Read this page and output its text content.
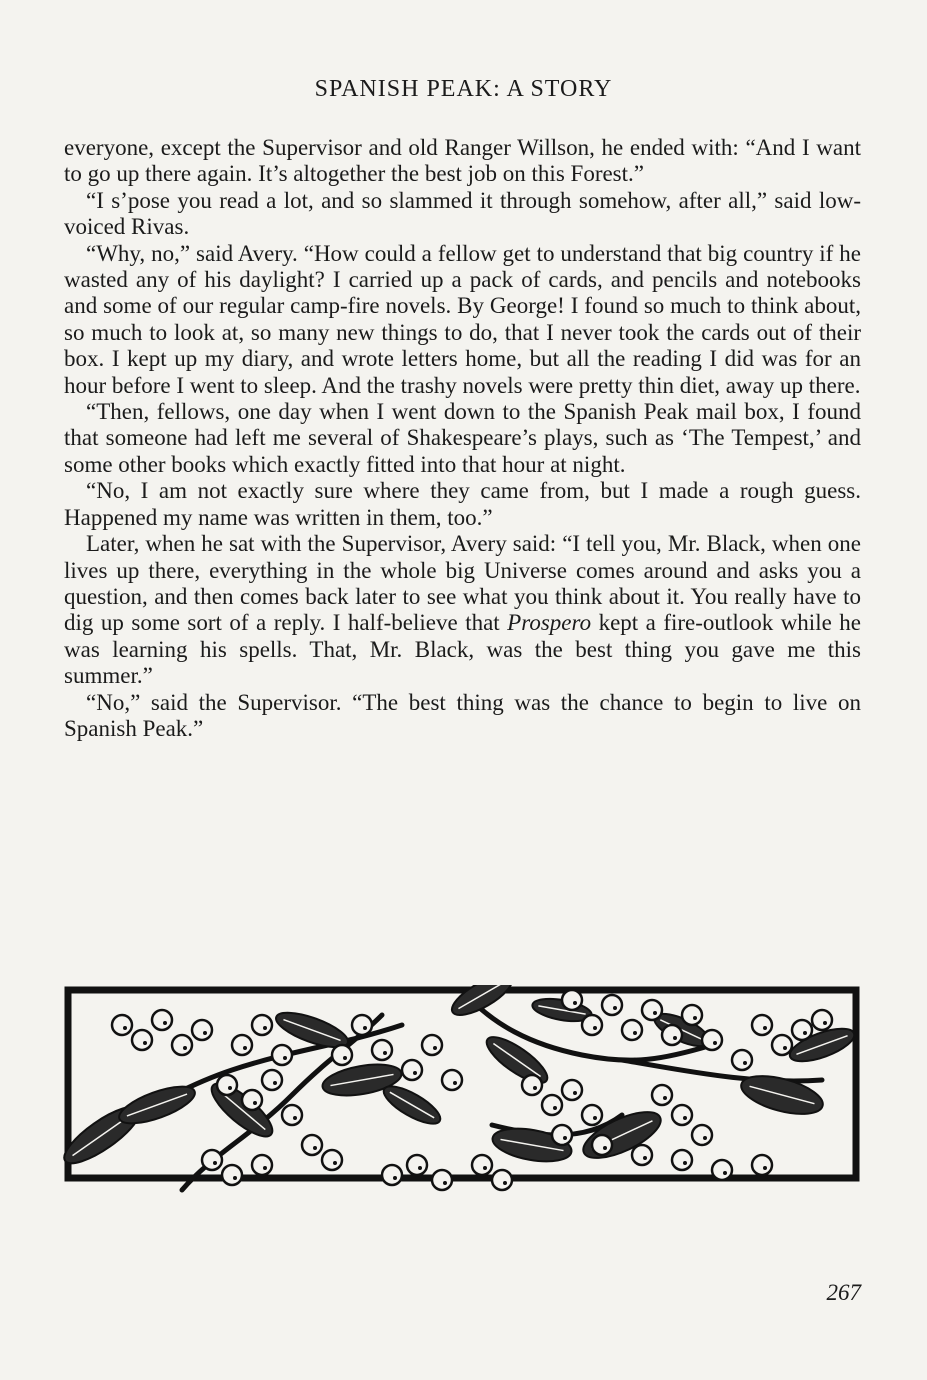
SPANISH PEAK: A STORY

everyone, except the Supervisor and old Ranger Willson, he ended with: “And I want to go up there again. It’s altogether the best job on this Forest.”

“I s’pose you read a lot, and so slammed it through somehow, after all,” said low-voiced Rivas.

“Why, no,” said Avery. “How could a fellow get to understand that big country if he wasted any of his daylight? I carried up a pack of cards, and pencils and notebooks and some of our regular camp-fire novels. By George! I found so much to think about, so much to look at, so many new things to do, that I never took the cards out of their box. I kept up my diary, and wrote letters home, but all the reading I did was for an hour before I went to sleep. And the trashy novels were pretty thin diet, away up there.

“Then, fellows, one day when I went down to the Spanish Peak mail box, I found that someone had left me several of Shakespeare’s plays, such as ‘The Tempest,’ and some other books which exactly fitted into that hour at night.

“No, I am not exactly sure where they came from, but I made a rough guess. Happened my name was written in them, too.”

Later, when he sat with the Supervisor, Avery said: “I tell you, Mr. Black, when one lives up there, everything in the whole big Universe comes around and asks you a question, and then comes back later to see what you think about it. You really have to dig up some sort of a reply. I half-believe that Prospero kept a fire-outlook while he was learning his spells. That, Mr. Black, was the best thing you gave me this summer.”

“No,” said the Supervisor. “The best thing was the chance to begin to live on Spanish Peak.”

267
